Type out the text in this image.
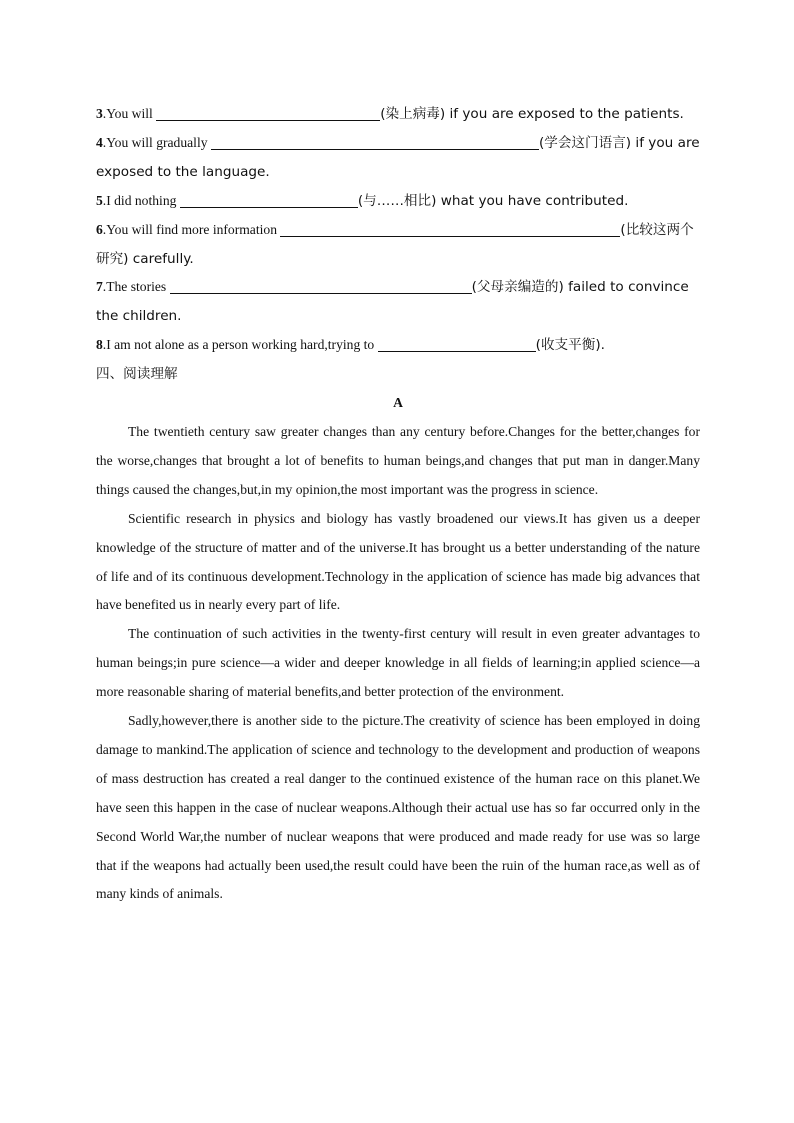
3.You will	(染上病毒) if you are exposed to the patients.

4.You will gradually	(学会这门语言) if you are exposed to the language.

5.I did nothing	(与……相比) what you have contributed.

6.You will find more information	(比较这两个研究) carefully.

7.The stories	(父母亲编造的) failed to convince the children.

8.I am not alone as a person working hard,trying to	(收支平衡).

四、阅读理解

A

The twentieth century saw greater changes than any century before.Changes for the better,changes for the worse,changes that brought a lot of benefits to human beings,and changes that put man in danger.Many things caused the changes,but,in my opinion,the most important was the progress in science.

Scientific research in physics and biology has vastly broadened our views.It has given us a deeper knowledge of the structure of matter and of the universe.It has brought us a better understanding of the nature of life and of its continuous development.Technology in the application of science has made big advances that have benefited us in nearly every part of life.

The continuation of such activities in the twenty-first century will result in even greater advantages to human beings;in pure science—a wider and deeper knowledge in all fields of learning;in applied science—a more reasonable sharing of material benefits,and better protection of the environment.

Sadly,however,there is another side to the picture.The creativity of science has been employed in doing damage to mankind.The application of science and technology to the development and production of weapons of mass destruction has created a real danger to the continued existence of the human race on this planet.We have seen this happen in the case of nuclear weapons.Although their actual use has so far occurred only in the Second World War,the number of nuclear weapons that were produced and made ready for use was so large that if the weapons had actually been used,the result could have been the ruin of the human race,as well as of many kinds of animals.
